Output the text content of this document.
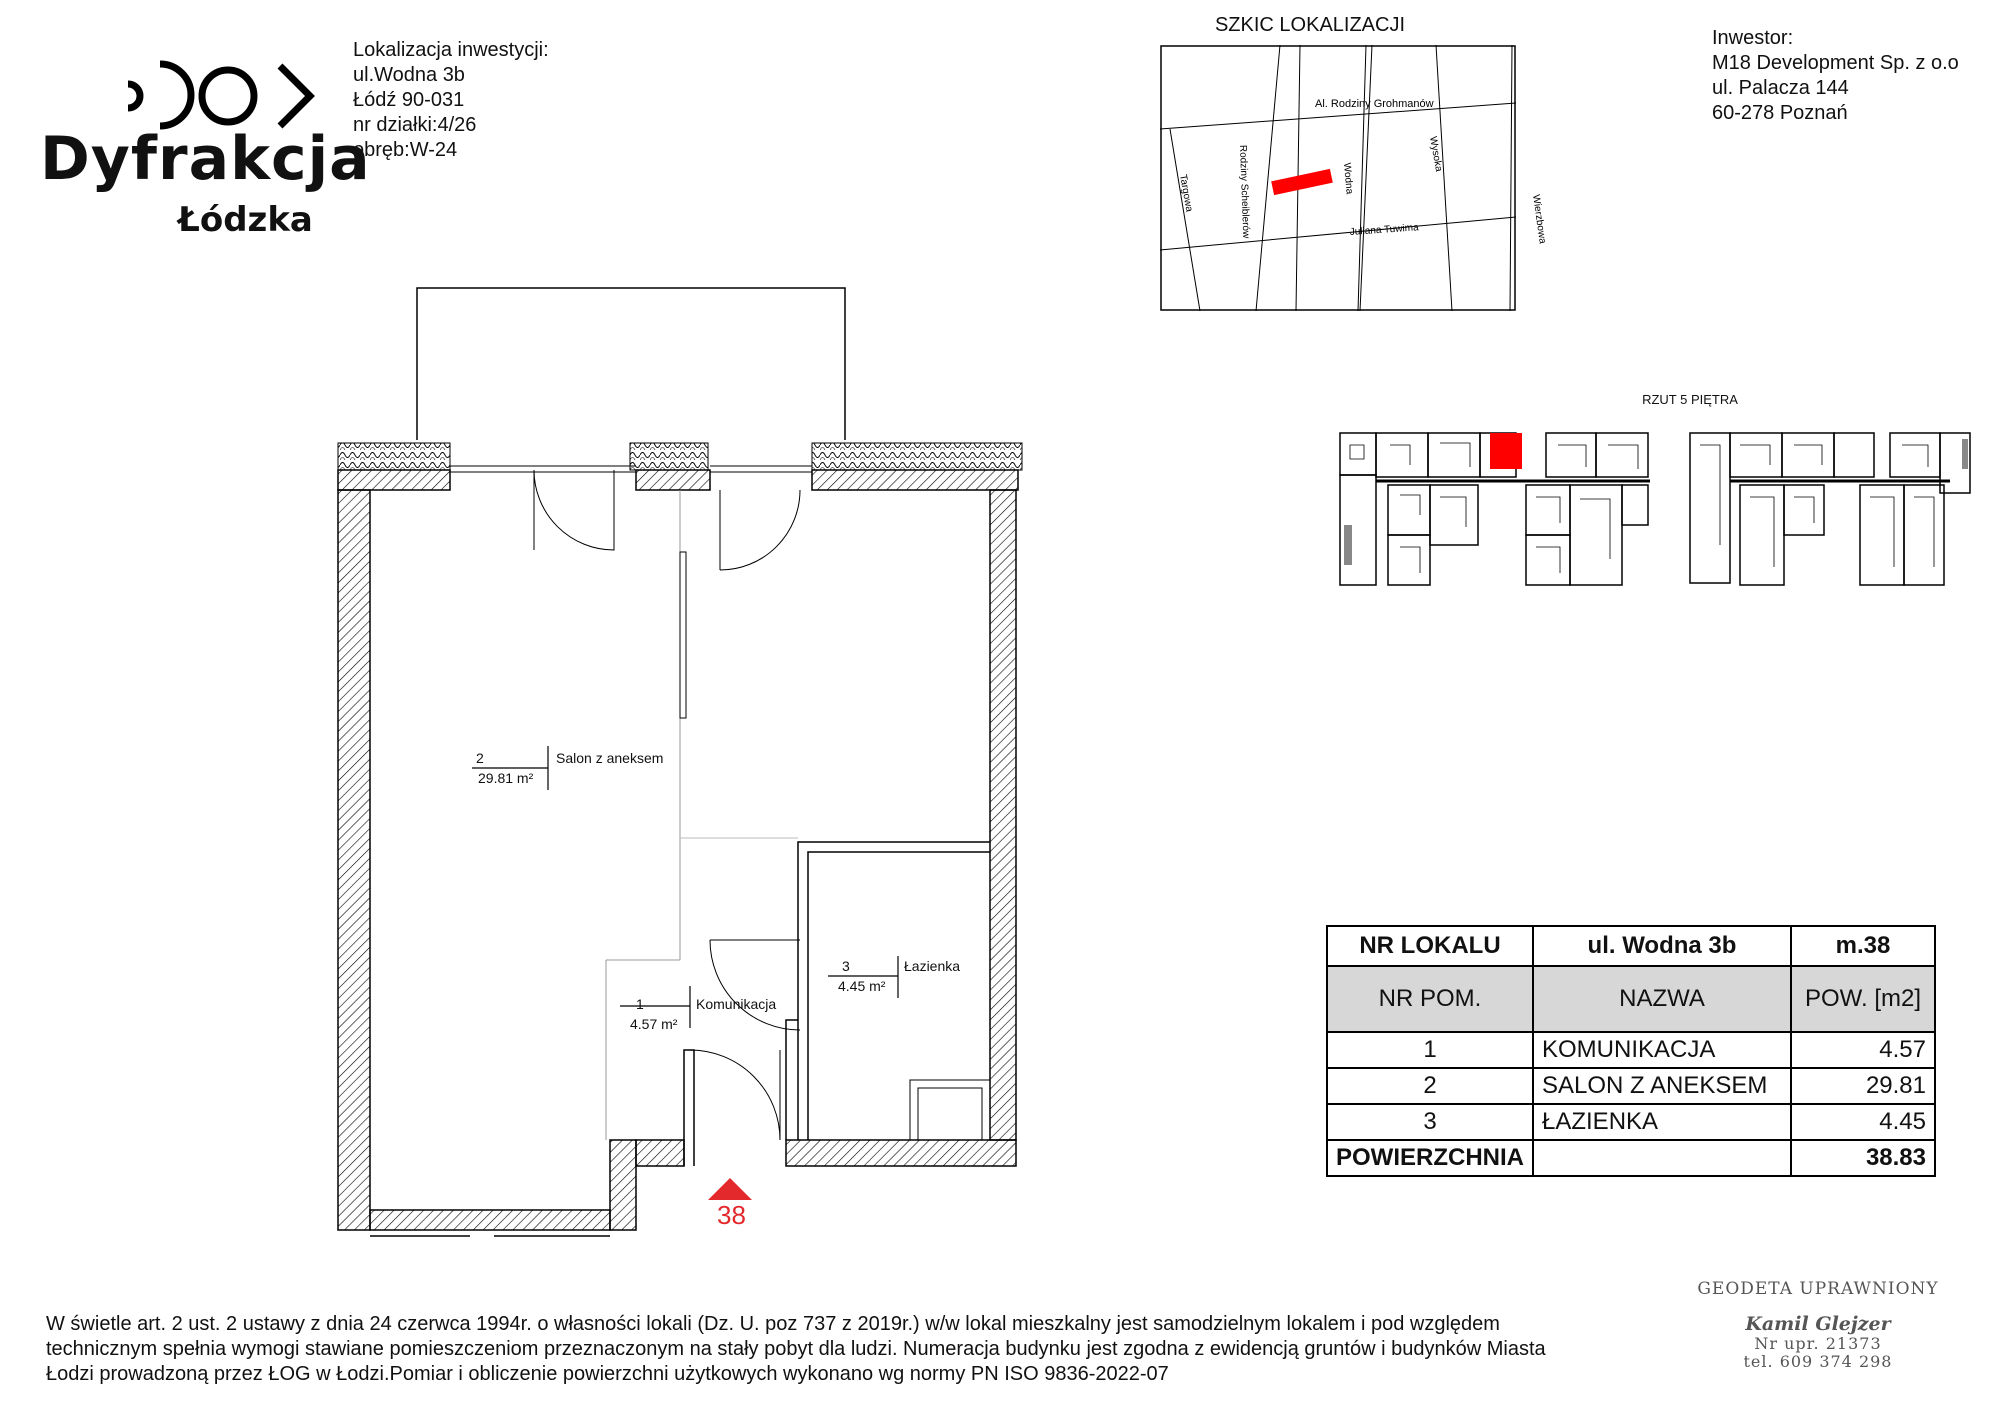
Dyfrakcja
Łódzka
Lokalizacja inwestycji:
ul.Wodna 3b
Łódź 90-031
nr działki:4/26
obręb:W-24
Inwestor:
M18 Development Sp. z o.o
ul. Palacza 144
60-278 Poznań
SZKIC LOKALIZACJI
Al. Rodziny Grohmanów
Rodziny Scheiblerów	Wodna
Wysoka
Targowa
Juliana Tuwima	Wierzbowa
RZUT 5 PIĘTRA
2	Salon z aneksem
29.81 m²
3	Łazienka
4.45 m²
1	Komunikacja
4.57 m²
38
NR LOKALU	ul. Wodna 3b	m.38
NR POM.	NAZWA	POW. [m2]
1	KOMUNIKACJA	4.57
2	SALON Z ANEKSEM	29.81
3	ŁAZIENKA	4.45
POWIERZCHNIA		38.83
W świetle art. 2 ust. 2 ustawy z dnia 24 czerwca 1994r. o własności lokali (Dz. U. poz 737 z 2019r.) w/w lokal mieszkalny jest samodzielnym lokalem i pod względem
technicznym spełnia wymogi stawiane pomieszczeniom przeznaczonym na stały pobyt dla ludzi. Numeracja budynku jest zgodna z ewidencją gruntów i budynków Miasta
Łodzi prowadzoną przez ŁOG w Łodzi.Pomiar i obliczenie powierzchni użytkowych wykonano wg normy PN ISO 9836-2022-07
GEODETA UPRAWNIONY
Kamil Glejzer
Nr upr. 21373
tel. 609 374 298
